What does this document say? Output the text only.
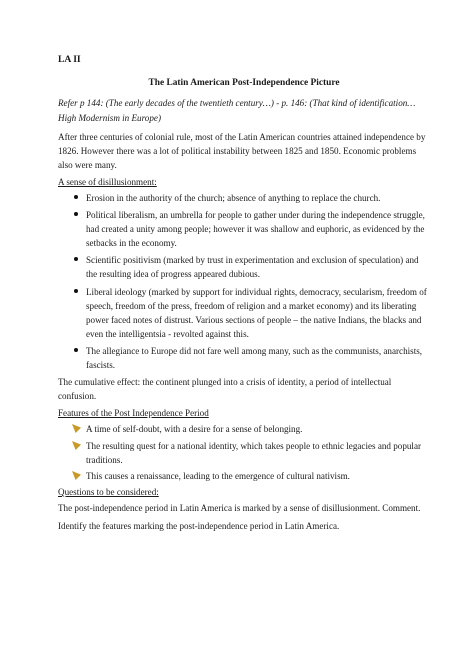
LA II

The Latin American Post-Independence Picture

Refer p 144: (The early decades of the twentieth century…) - p. 146: (That kind of identification…High Modernism in Europe)

After three centuries of colonial rule, most of the Latin American countries attained independence by 1826. However there was a lot of political instability between 1825 and 1850. Economic problems also were many.

A sense of disillusionment:

Erosion in the authority of the church; absence of anything to replace the church.
Political liberalism, an umbrella for people to gather under during the independence struggle, had created a unity among people; however it was shallow and euphoric, as evidenced by the setbacks in the economy.
Scientific positivism (marked by trust in experimentation and exclusion of speculation) and the resulting idea of progress appeared dubious.
Liberal ideology (marked by support for individual rights, democracy, secularism, freedom of speech, freedom of the press, freedom of religion and a market economy) and its liberating power faced notes of distrust. Various sections of people – the native Indians, the blacks and even the intelligentsia - revolted against this.
The allegiance to Europe did not fare well among many, such as the communists, anarchists, fascists.

The cumulative effect: the continent plunged into a crisis of identity, a period of intellectual confusion.

Features of the Post Independence Period

A time of self-doubt, with a desire for a sense of belonging.
The resulting quest for a national identity, which takes people to ethnic legacies and popular traditions.
This causes a renaissance, leading to the emergence of cultural nativism.

Questions to be considered:

The post-independence period in Latin America is marked by a sense of disillusionment. Comment.

Identify the features marking the post-independence period in Latin America.
